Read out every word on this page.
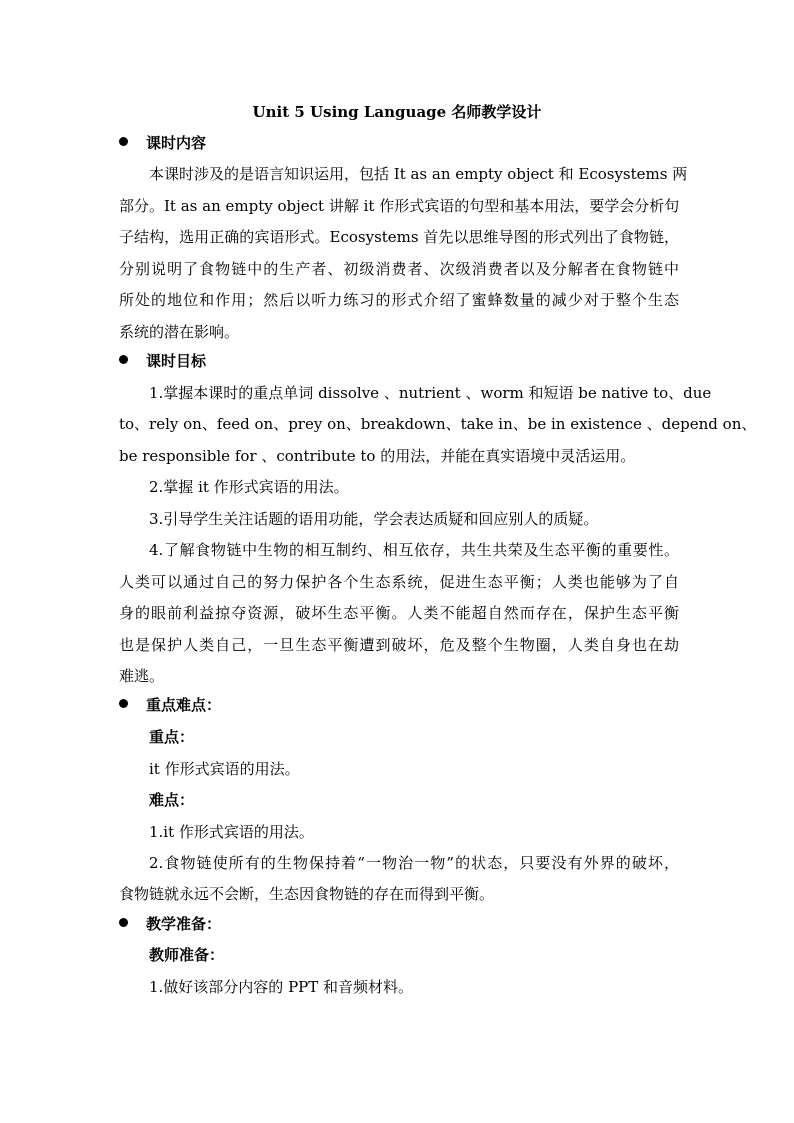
Unit 5 Using Language 名师教学设计
课时内容
本课时涉及的是语言知识运用，包括 It as an empty object 和 Ecosystems 两
部分。It as an empty object 讲解 it 作形式宾语的句型和基本用法，要学会分析句
子结构，选用正确的宾语形式。Ecosystems 首先以思维导图的形式列出了食物链，
分别说明了食物链中的生产者、初级消费者、次级消费者以及分解者在食物链中
所处的地位和作用；然后以听力练习的形式介绍了蜜蜂数量的减少对于整个生态
系统的潜在影响。
课时目标
1.掌握本课时的重点单词 dissolve 、nutrient 、worm 和短语 be native to、due
to、rely on、feed on、prey on、breakdown、take in、be in existence 、depend on、
be responsible for 、contribute to 的用法，并能在真实语境中灵活运用。
2.掌握 it 作形式宾语的用法。
3.引导学生关注话题的语用功能，学会表达质疑和回应别人的质疑。
4.了解食物链中生物的相互制约、相互依存，共生共荣及生态平衡的重要性。
人类可以通过自己的努力保护各个生态系统，促进生态平衡；人类也能够为了自
身的眼前利益掠夺资源，破坏生态平衡。人类不能超自然而存在，保护生态平衡
也是保护人类自己，一旦生态平衡遭到破坏，危及整个生物圈，人类自身也在劫
难逃。
重点难点：
重点：
it 作形式宾语的用法。
难点：
1.it 作形式宾语的用法。
2.食物链使所有的生物保持着“一物治一物”的状态，只要没有外界的破坏，
食物链就永远不会断，生态因食物链的存在而得到平衡。
教学准备：
教师准备：
1.做好该部分内容的 PPT 和音频材料。
